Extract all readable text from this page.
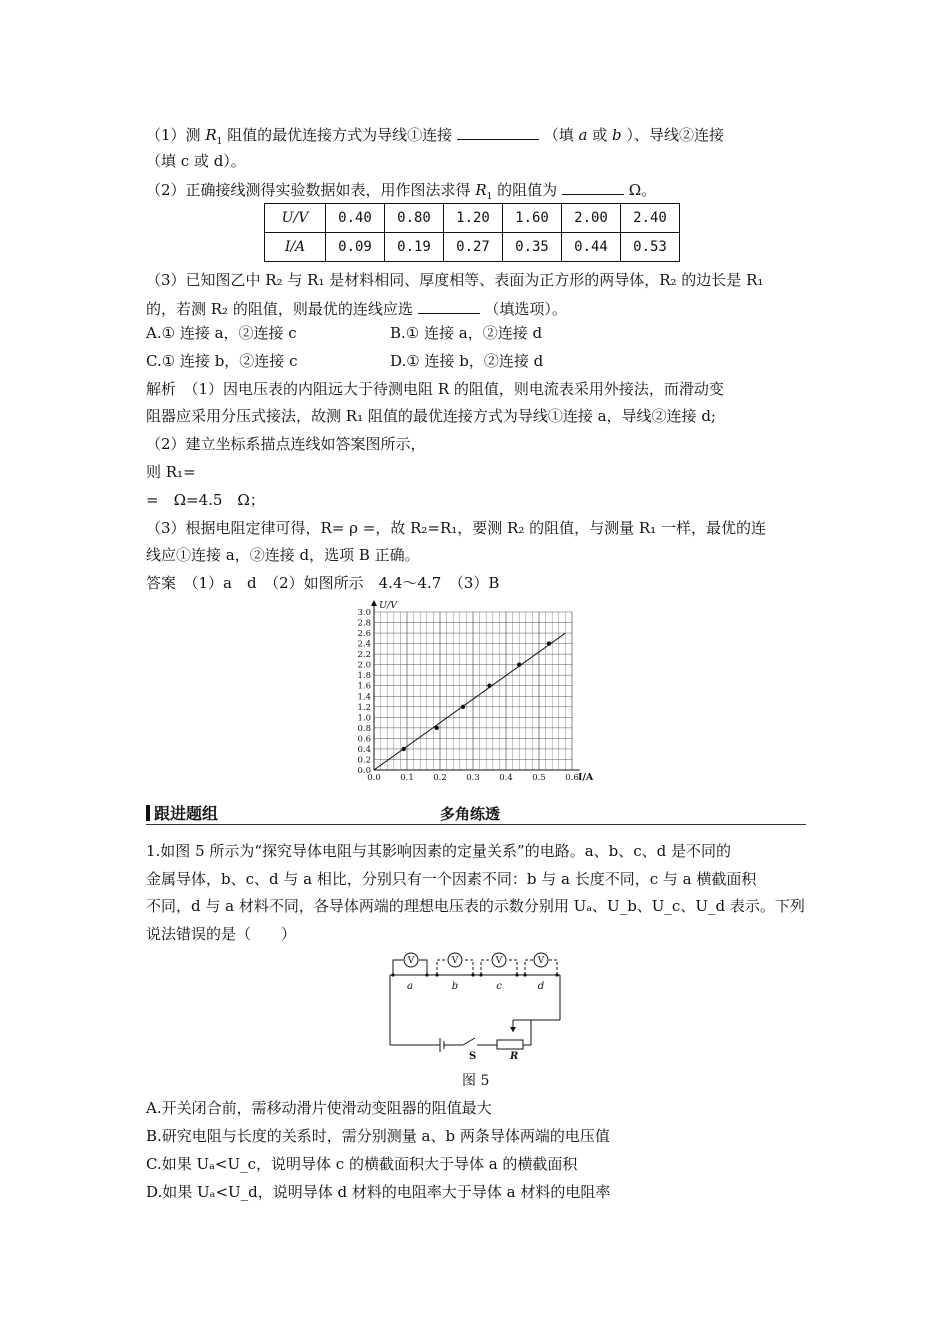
（1）测 $R_1$ 阻值的最优连接方式为导线①连接	（填 a 或 b ）、导线②连接
（填 c 或 d）。
（2）正确接线测得实验数据如表，用作图法求得 $R_1$ 的阻值为	Ω。
U/V	0.40	0.80	1.20	1.60	2.00	2.40
I/A	0.09	0.19	0.27	0.35	0.44	0.53
（3）已知图乙中 R₂ 与 R₁ 是材料相同、厚度相等、表面为正方形的两导体，R₂ 的边长是 R₁
的，若测 R₂ 的阻值，则最优的连线应选	（填选项）。
A.① 连接 a，②连接 c	B.① 连接 a，②连接 d
C.① 连接 b，②连接 c	D.① 连接 b，②连接 d
解析　（1）因电压表的内阻远大于待测电阻 R 的阻值，则电流表采用外接法，而滑动变
阻器应采用分压式接法，故测 R₁ 阻值的最优连接方式为导线①连接 a，导线②连接 d;
（2）建立坐标系描点连线如答案图所示，
则 R₁=
=　Ω=4.5　Ω；
（3）根据电阻定律可得，R= ρ =，故 R₂=R₁，要测 R₂ 的阻值，与测量 R₁ 一样，最优的连
线应①连接 a，②连接 d，选项 B 正确。
答案　（1）a　d　（2）如图所示　4.4～4.7　（3）B
0.0
0.2
0.4
0.6
0.8
1.0
1.2
1.4
1.6
1.8
2.0
2.2
2.4
2.6
2.8
3.0
0.0 0.1 0.2 0.3 0.4 0.5 0.6
U/V
I/A
跟进题组	多角练透
1.如图 5 所示为“探究导体电阻与其影响因素的定量关系”的电路。a、b、c、d 是不同的
金属导体，b、c、d 与 a 相比，分别只有一个因素不同：b 与 a 长度不同，c 与 a 横截面积
不同，d 与 a 材料不同，各导体两端的理想电压表的示数分别用 Uₐ、U_b、U_c、U_d 表示。下列
说法错误的是（　　）
V	V	V	V
a	b	c	d
S	R
图 5
A.开关闭合前，需移动滑片使滑动变阻器的阻值最大
B.研究电阻与长度的关系时，需分别测量 a、b 两条导体两端的电压值
C.如果 Uₐ<U_c，说明导体 c 的横截面积大于导体 a 的横截面积
D.如果 Uₐ<U_d，说明导体 d 材料的电阻率大于导体 a 材料的电阻率
